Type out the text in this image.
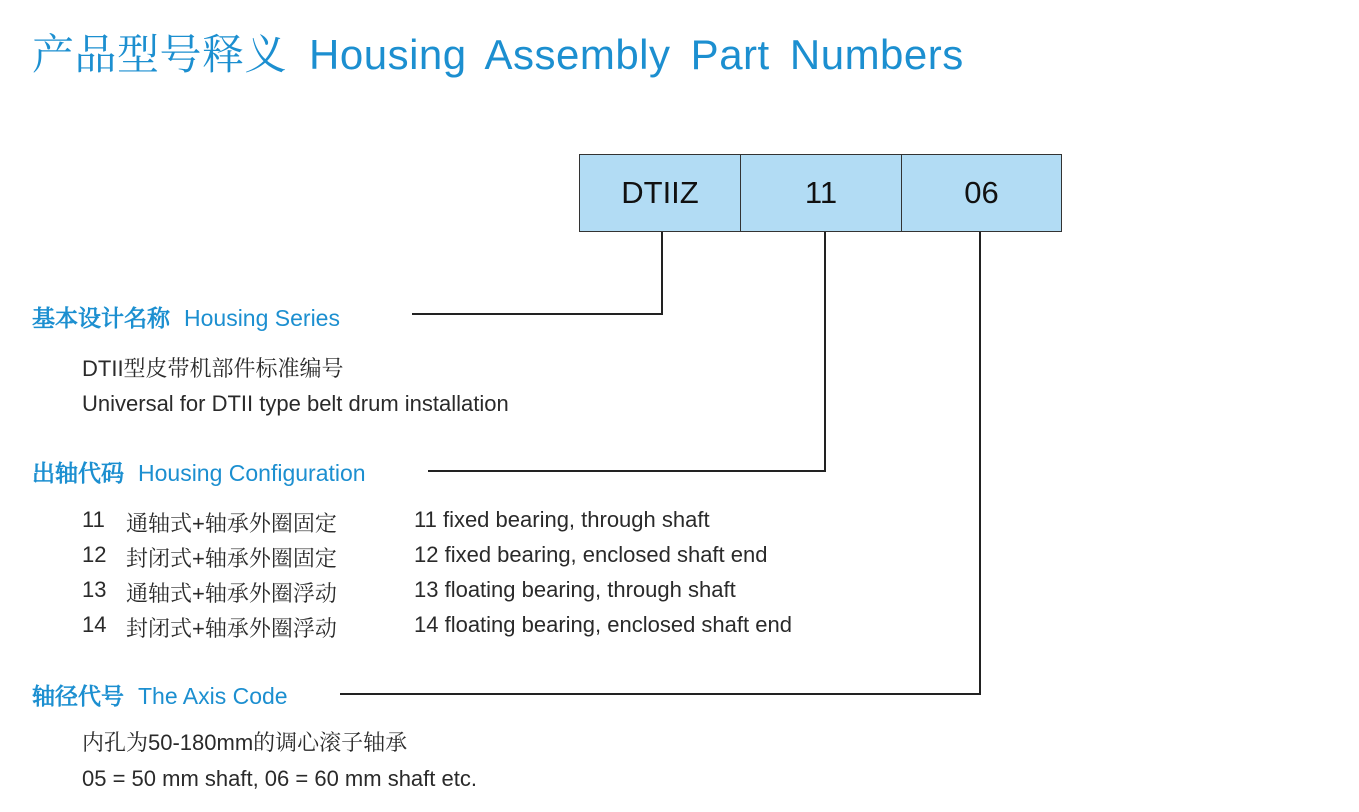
产品型号释义 Housing Assembly Part Numbers
DTIIZ	11	06
基本设计名称 Housing Series
DTII型皮带机部件标准编号
Universal for DTII type belt drum installation
出轴代码 Housing Configuration
11 通轴式+轴承外圈固定	11 fixed bearing, through shaft
12 封闭式+轴承外圈固定	12 fixed bearing, enclosed shaft end
13 通轴式+轴承外圈浮动	13 floating bearing, through shaft
14 封闭式+轴承外圈浮动	14 floating bearing, enclosed shaft end
轴径代号 The Axis Code
内孔为50-180mm的调心滚子轴承
05 = 50 mm shaft, 06 = 60 mm shaft etc.
